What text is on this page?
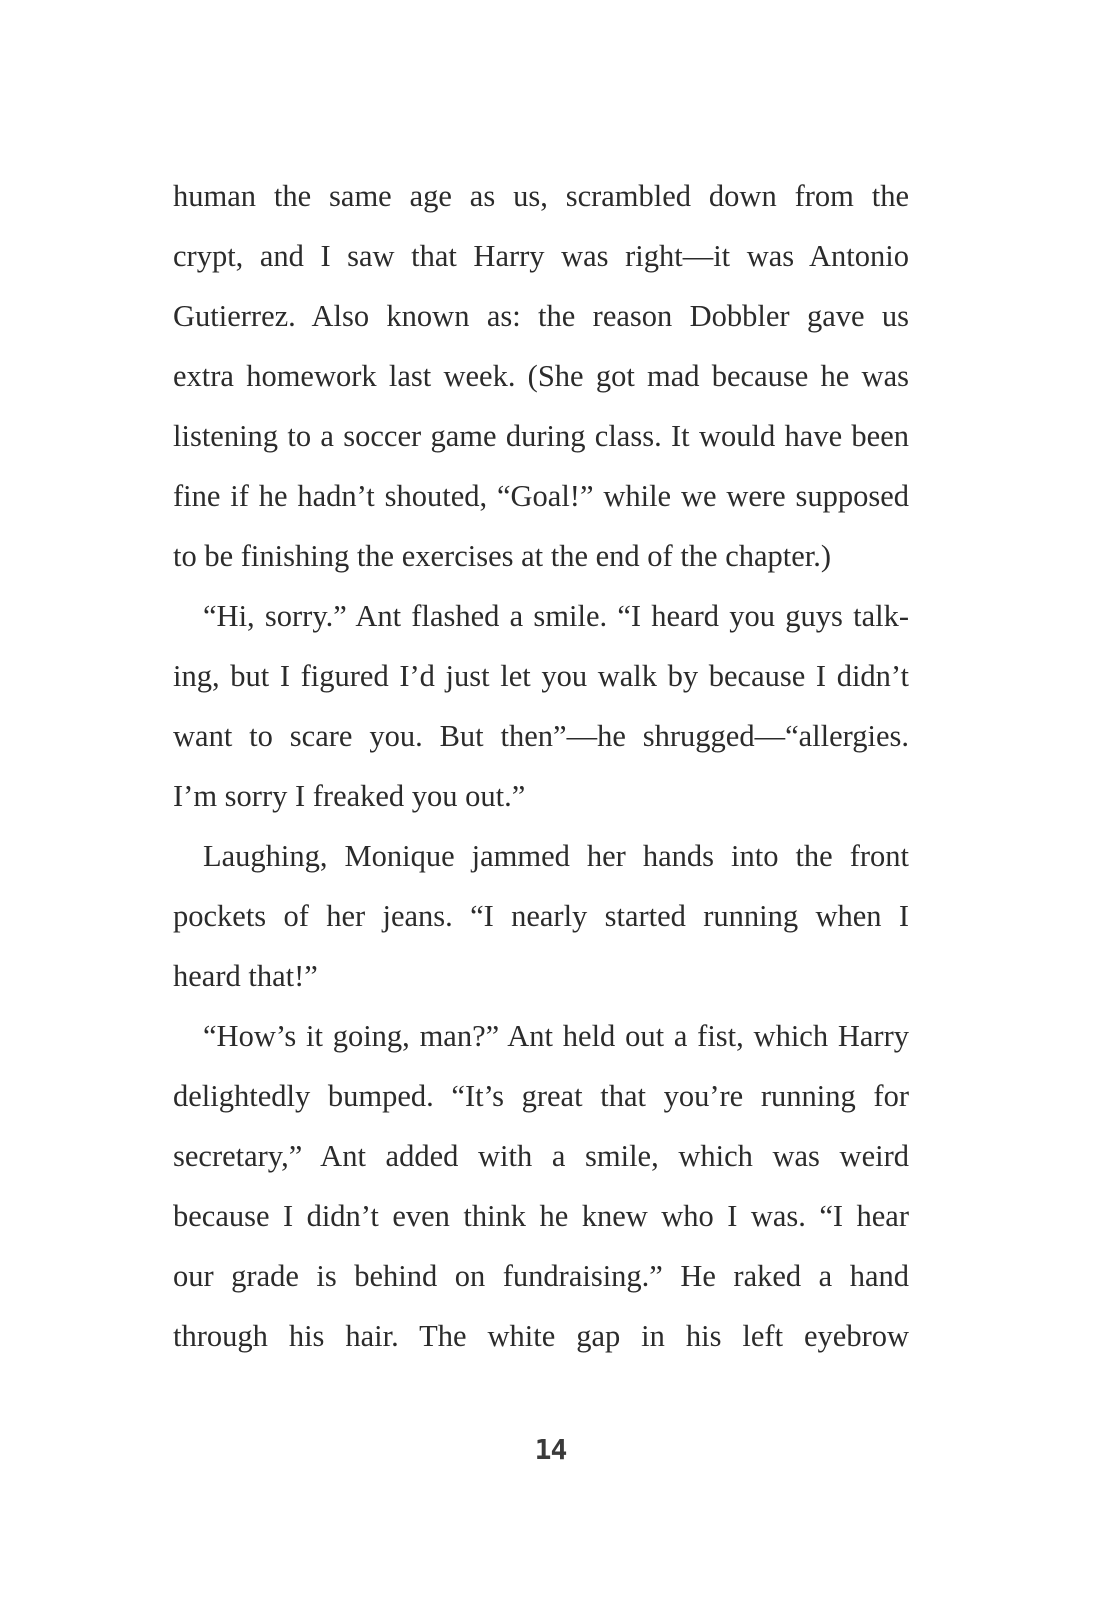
human the same age as us, scrambled down from the
crypt, and I saw that Harry was right—it was Antonio
Gutierrez. Also known as: the reason Dobbler gave us
extra homework last week. (She got mad because he was
listening to a soccer game during class. It would have been
fine if he hadn’t shouted, “Goal!” while we were supposed
to be finishing the exercises at the end of the chapter.)
“Hi, sorry.” Ant flashed a smile. “I heard you guys talk-
ing, but I figured I’d just let you walk by because I didn’t
want to scare you. But then”—he shrugged—“allergies.
I’m sorry I freaked you out.”
Laughing, Monique jammed her hands into the front
pockets of her jeans. “I nearly started running when I
heard that!”
“How’s it going, man?” Ant held out a fist, which Harry
delightedly bumped. “It’s great that you’re running for
secretary,” Ant added with a smile, which was weird
because I didn’t even think he knew who I was. “I hear
our grade is behind on fundraising.” He raked a hand
through his hair. The white gap in his left eyebrow
14
